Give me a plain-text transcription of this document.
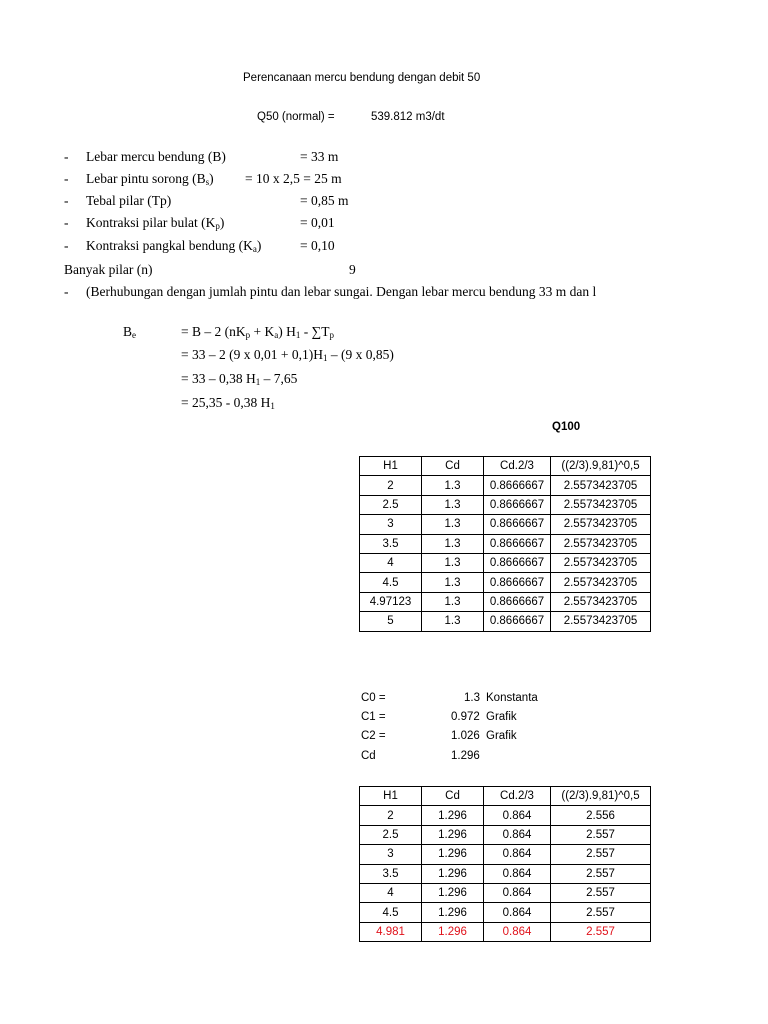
Perencanaan mercu bendung dengan debit 50
Q50 (normal) =	539.812 m3/dt
- Lebar mercu bendung (B)	= 33 m
- Lebar pintu sorong $(B_s) = 10$ x 2,5 = 25 m
- Tebal pilar (Tp)	= 0,85 m
- Kontraksi pilar bulat $(K_p)$	= 0,01
- Kontraksi pangkal bendung $(K_a)$	= 0,10
Banyak pilar (n)	9
- (Berhubungan dengan jumlah pintu dan lebar sungai. Dengan lebar mercu bendung 33 m dan l
$B_e$	= B – 2 $(nK_p + K_a)$ $H_1 - \sum T_p$
= 33 – 2 (9 x $0,01 + 0,1)H_1 - (9$ x 0,85)
= 33 – 0,38 $H_1 - 7,65$
= 25,35 - 0,38 $H_1$
Q100
H1	Cd	Cd.2/3	((2/3).9,81)^0,5
2	1.3	0.8666667	2.5573423705
2.5	1.3	0.8666667	2.5573423705
3	1.3	0.8666667	2.5573423705
3.5	1.3	0.8666667	2.5573423705
4	1.3	0.8666667	2.5573423705
4.5	1.3	0.8666667	2.5573423705
4.97123	1.3	0.8666667	2.5573423705
5	1.3	0.8666667	2.5573423705
C0 =	1.3 Konstanta
C1 =	0.972 Grafik
C2 =	1.026 Grafik
Cd	1.296
H1	Cd	Cd.2/3	((2/3).9,81)^0,5
2	1.296	0.864	2.556
2.5	1.296	0.864	2.557
3	1.296	0.864	2.557
3.5	1.296	0.864	2.557
4	1.296	0.864	2.557
4.5	1.296	0.864	2.557
4.981	1.296	0.864	2.557
